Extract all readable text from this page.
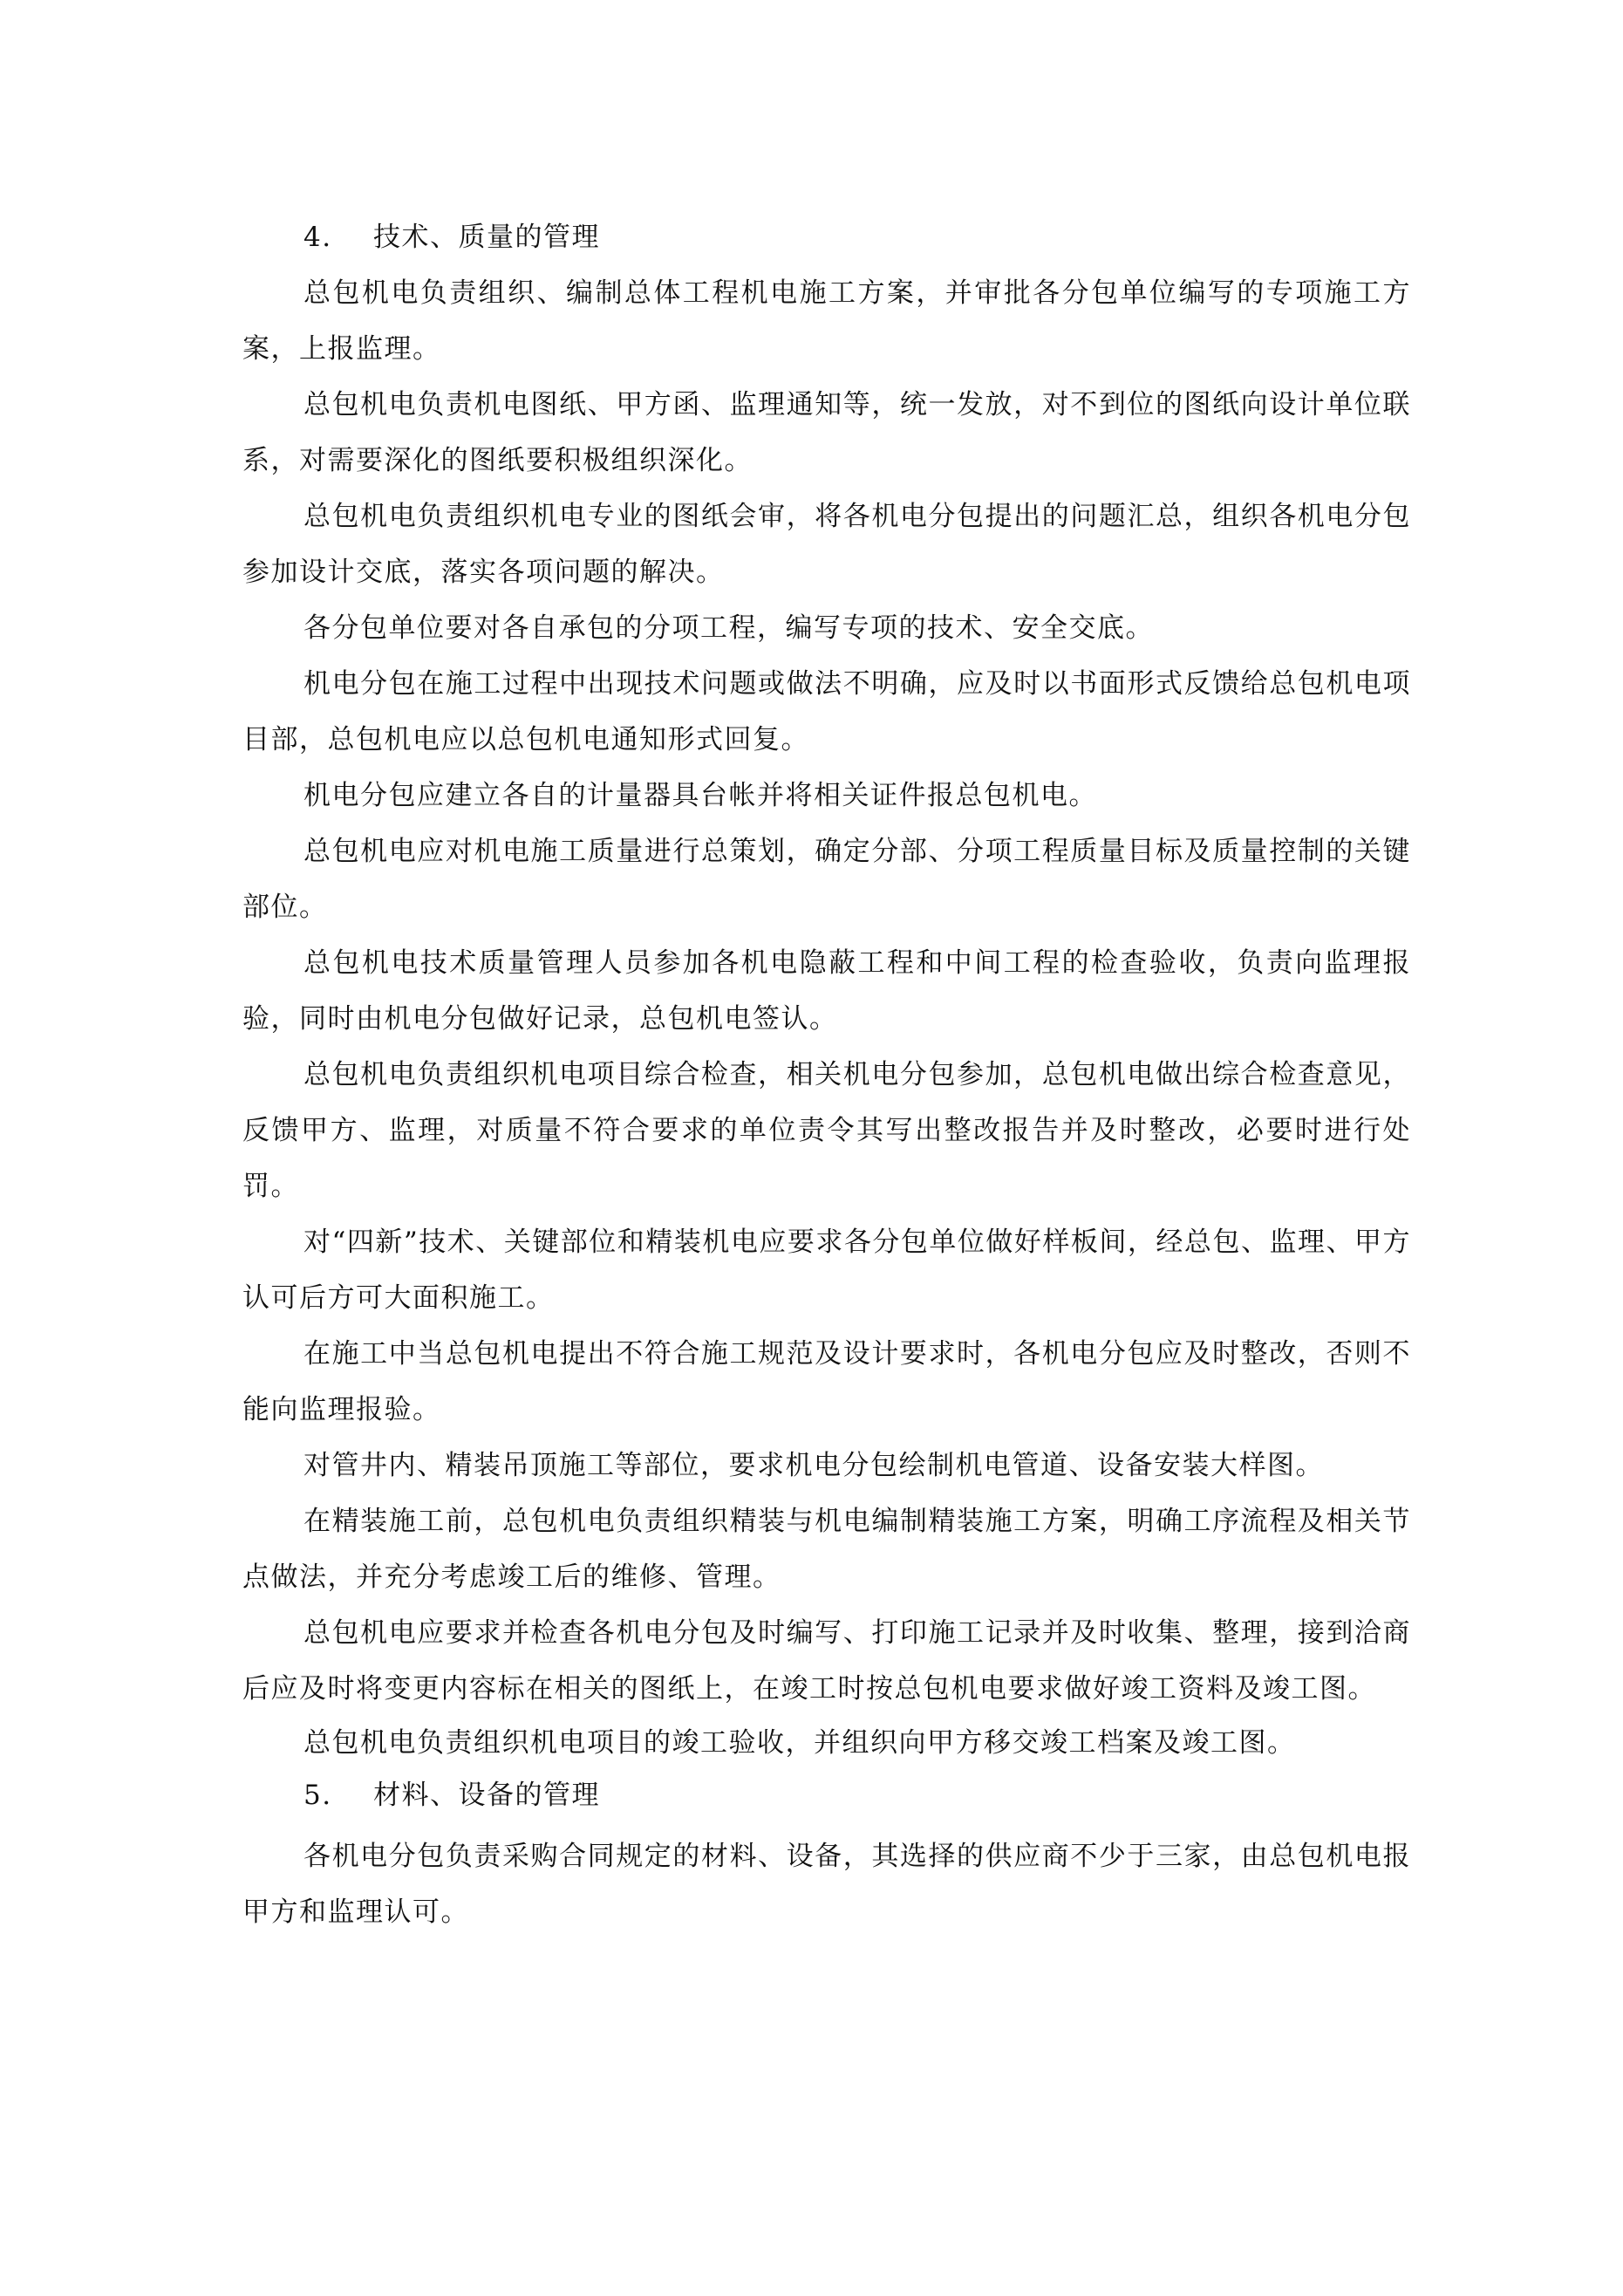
4. 技术、质量的管理

总包机电负责组织、编制总体工程机电施工方案，并审批各分包单位编写的专项施工方案，上报监理。

总包机电负责机电图纸、甲方函、监理通知等，统一发放，对不到位的图纸向设计单位联系，对需要深化的图纸要积极组织深化。

总包机电负责组织机电专业的图纸会审，将各机电分包提出的问题汇总，组织各机电分包参加设计交底，落实各项问题的解决。

各分包单位要对各自承包的分项工程，编写专项的技术、安全交底。

机电分包在施工过程中出现技术问题或做法不明确，应及时以书面形式反馈给总包机电项目部，总包机电应以总包机电通知形式回复。

机电分包应建立各自的计量器具台帐并将相关证件报总包机电。

总包机电应对机电施工质量进行总策划，确定分部、分项工程质量目标及质量控制的关键部位。

总包机电技术质量管理人员参加各机电隐蔽工程和中间工程的检查验收，负责向监理报验，同时由机电分包做好记录，总包机电签认。

总包机电负责组织机电项目综合检查，相关机电分包参加，总包机电做出综合检查意见，反馈甲方、监理，对质量不符合要求的单位责令其写出整改报告并及时整改，必要时进行处罚。

对“四新”技术、关键部位和精装机电应要求各分包单位做好样板间，经总包、监理、甲方认可后方可大面积施工。

在施工中当总包机电提出不符合施工规范及设计要求时，各机电分包应及时整改，否则不能向监理报验。

对管井内、精装吊顶施工等部位，要求机电分包绘制机电管道、设备安装大样图。

在精装施工前，总包机电负责组织精装与机电编制精装施工方案，明确工序流程及相关节点做法，并充分考虑竣工后的维修、管理。

总包机电应要求并检查各机电分包及时编写、打印施工记录并及时收集、整理，接到洽商后应及时将变更内容标在相关的图纸上，在竣工时按总包机电要求做好竣工资料及竣工图。

总包机电负责组织机电项目的竣工验收，并组织向甲方移交竣工档案及竣工图。

5. 材料、设备的管理

各机电分包负责采购合同规定的材料、设备，其选择的供应商不少于三家，由总包机电报甲方和监理认可。
